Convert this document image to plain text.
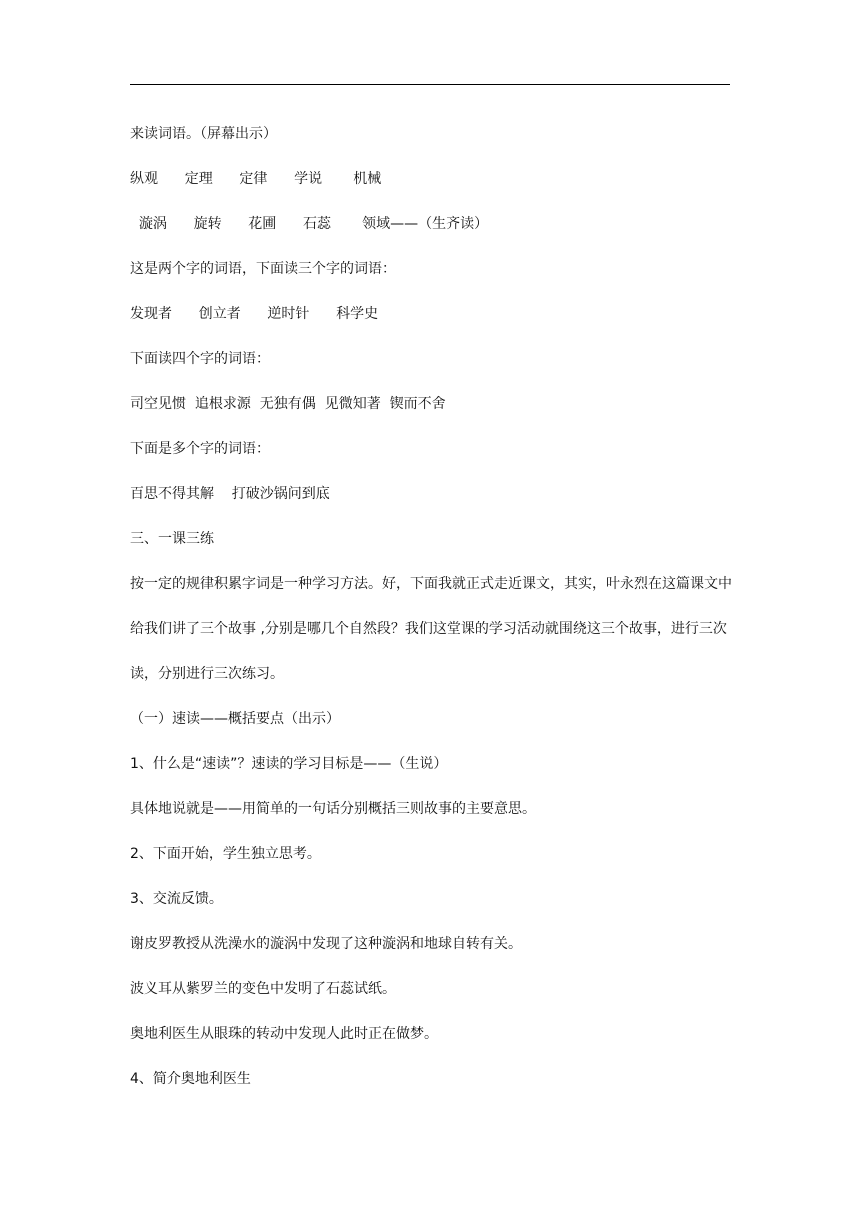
来读词语。（屏幕出示）

纵观      定理      定律      学说       机械

漩涡      旋转      花圃      石蕊       领域——（生齐读）

这是两个字的词语，下面读三个字的词语：

发现者      创立者      逆时针      科学史

下面读四个字的词语：

司空见惯  追根求源  无独有偶  见微知著  锲而不舍

下面是多个字的词语：

百思不得其解    打破沙锅问到底

三、一课三练

按一定的规律积累字词是一种学习方法。好，下面我就正式走近课文，其实，叶永烈在这篇课文中给我们讲了三个故事 ,分别是哪几个自然段？我们这堂课的学习活动就围绕这三个故事，进行三次读，分别进行三次练习。

（一）速读——概括要点（出示）

1、什么是“速读”？速读的学习目标是——（生说）

具体地说就是——用简单的一句话分别概括三则故事的主要意思。

2、下面开始，学生独立思考。

3、交流反馈。

谢皮罗教授从洗澡水的漩涡中发现了这种漩涡和地球自转有关。

波义耳从紫罗兰的变色中发明了石蕊试纸。

奥地利医生从眼珠的转动中发现人此时正在做梦。

4、简介奥地利医生
